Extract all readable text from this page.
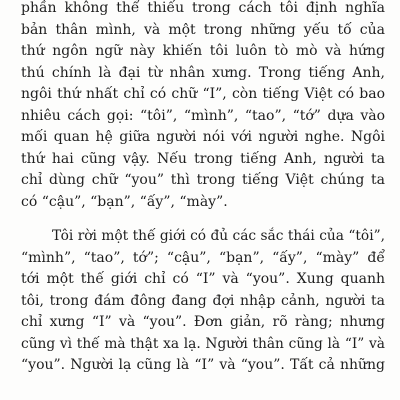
phần không thể thiếu trong cách tôi định nghĩa
bản thân mình, và một trong những yếu tố của
thứ ngôn ngữ này khiến tôi luôn tò mò và hứng
thú chính là đại từ nhân xưng. Trong tiếng Anh,
ngôi thứ nhất chỉ có chữ “I”, còn tiếng Việt có bao
nhiêu cách gọi: “tôi”, “mình”, “tao”, “tớ” dựa vào
mối quan hệ giữa người nói với người nghe. Ngôi
thứ hai cũng vậy. Nếu trong tiếng Anh, người ta
chỉ dùng chữ “you” thì trong tiếng Việt chúng ta
có “cậu”, “bạn”, “ấy”, “mày”.
Tôi rời một thế giới có đủ các sắc thái của “tôi”,
“mình”, “tao”, tớ”; “cậu”, “bạn”, “ấy”, “mày” để
tới một thế giới chỉ có “I” và “you”. Xung quanh
tôi, trong đám đông đang đợi nhập cảnh, người ta
chỉ xưng “I” và “you”. Đơn giản, rõ ràng; nhưng
cũng vì thế mà thật xa lạ. Người thân cũng là “I” và
“you”. Người lạ cũng là “I” và “you”. Tất cả những
